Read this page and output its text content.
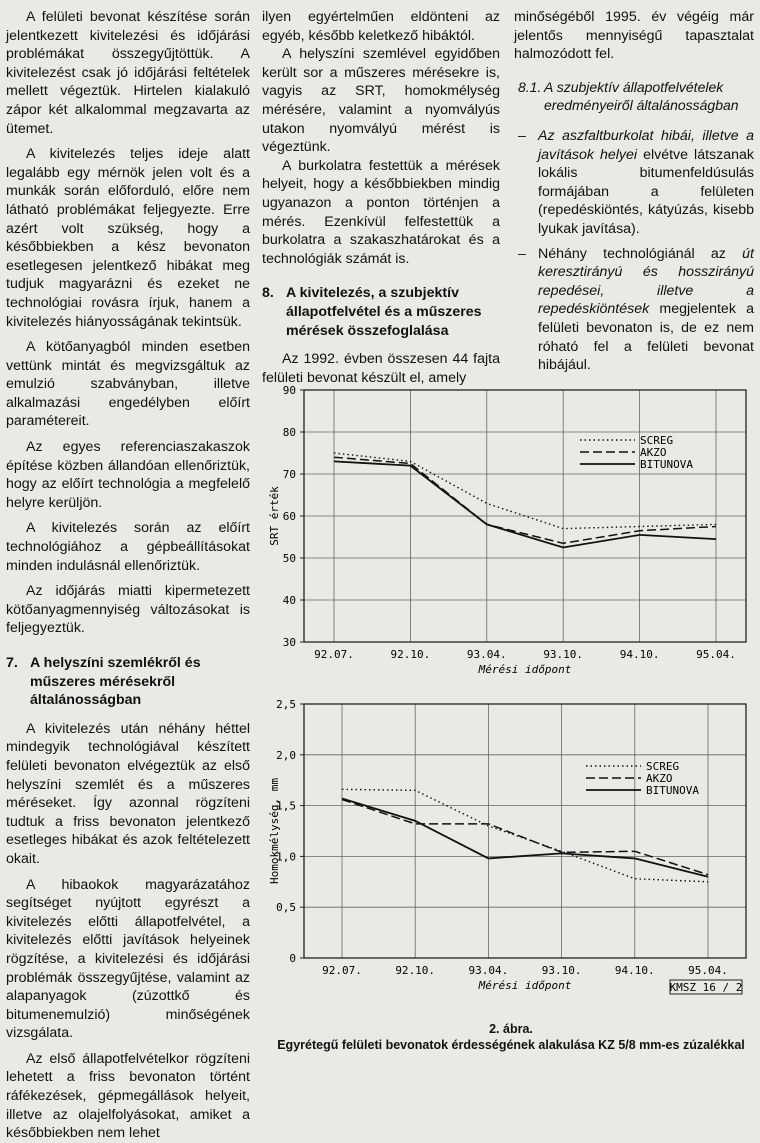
A felületi bevonat készítése során jelentkezett kivitelezési és időjárási problémákat összegyűjtöttük. A kivitelezést csak jó időjárási feltételek mellett végeztük. Hirtelen kialakuló zápor két alkalommal megzavarta az ütemet.

A kivitelezés teljes ideje alatt legalább egy mérnök jelen volt és a munkák során előforduló, előre nem látható problémákat feljegyezte. Erre azért volt szükség, hogy a későbbiekben a kész bevonaton esetlegesen jelentkező hibákat meg tudjuk magyarázni és ezeket ne technológiai rovásra írjuk, hanem a kivitelezés hiányosságának tekintsük.

A kötőanyagból minden esetben vettünk mintát és megvizsgáltuk az emulzió szabványban, illetve alkalmazási engedélyben előírt paramétereit.

Az egyes referenciaszakaszok építése közben állandóan ellenőriztük, hogy az előírt technológia a megfelelő helyre kerüljön.

A kivitelezés során az előírt technológiához a gépbeállításokat minden indulásnál ellenőriztük.

Az időjárás miatti kipermetezett kötőanyagmennyiség változásokat is feljegyeztük.

7. A helyszíni szemlékről és műszeres mérésekről általánosságban

A kivitelezés után néhány héttel mindegyik technológiával készített felületi bevonaton elvégeztük az első helyszíni szemlét és a műszeres méréseket. Így azonnal rögzíteni tudtuk a friss bevonaton jelentkező esetleges hibákat és azok feltételezett okait.

A hibaokok magyarázatához segítséget nyújtott egyrészt a kivitelezés előtti állapotfelvétel, a kivitelezés előtti javítások helyeinek rögzítése, a kivitelezési és időjárási problémák összegyűjtése, valamint az alapanyagok (zúzottkő és bitumenemulzió) minőségének vizsgálata.

Az első állapotfelvételkor rögzíteni lehetett a friss bevonaton történt ráfékezések, gépmegállások helyeit, illetve az olajelfolyásokat, amiket a későbbiekben nem lehet

ilyen egyértelműen eldönteni az egyéb, később keletkező hibáktól.

A helyszíni szemlével egyidőben került sor a műszeres mérésekre is, vagyis az SRT, homokmélység mérésére, valamint a nyomvályús utakon nyomvályú mérést is végeztünk.

A burkolatra festettük a mérések helyeit, hogy a későbbiekben mindig ugyanazon a ponton történjen a mérés. Ezenkívül felfestettük a burkolatra a szakaszhatárokat és a technológiák számát is.

8. A kivitelezés, a szubjektív állapotfelvétel és a műszeres mérések összefoglalása

Az 1992. évben összesen 44 fajta felületi bevonat készült el, amely

minőségéből 1995. év végéig már jelentős mennyiségű tapasztalat halmozódott fel.

8.1. A szubjektív állapotfelvételek eredményeiről általánosságban
– Az aszfaltburkolat hibái, illetve a javítások helyei elvétve látszanak lokális bitumenfeldúsulás formájában a felületen (repedéskiöntés, kátyúzás, kisebb lyukak javítása).
– Néhány technológiánál az út keresztirányú és hosszirányú repedései, illetve a repedéskiöntések megjelentek a felületi bevonaton is, de ez nem róható fel a felületi bevonat hibájául.
90
80
70
60
50
40
30
92.07.	92.10.	93.04.	93.10.	94.10.	95.04.
Mérési időpont
SRT érték
SCREG
AKZO
BITUNOVA
2,5
2,0
1,5
1,0
0,5
0
92.07.	92.10.	93.04.	93.10.	94.10.	95.04.
Mérési időpont
Homokmélység, mm
SCREG
AKZO
BITUNOVA
KMSZ 16 / 2
2. ábra.
Egyrétegű felületi bevonatok érdességének alakulása KZ 5/8 mm-es zúzalékkal
